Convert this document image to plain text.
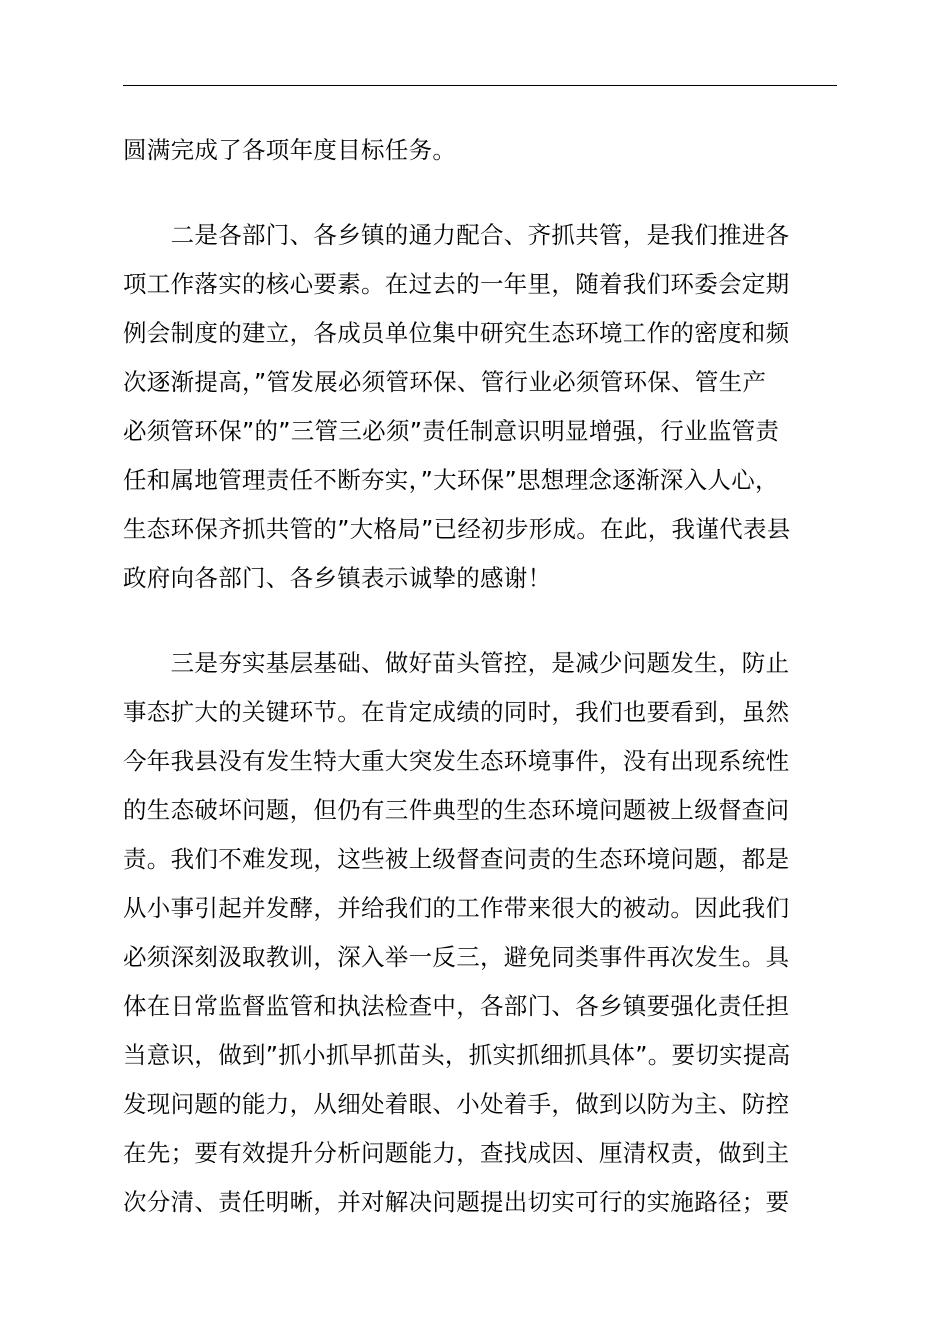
圆满完成了各项年度目标任务。
　　二是各部门、各乡镇的通力配合、齐抓共管，是我们推进各
项工作落实的核心要素。在过去的一年里，随着我们环委会定期
例会制度的建立，各成员单位集中研究生态环境工作的密度和频
次逐渐提高，”管发展必须管环保、管行业必须管环保、管生产
必须管环保”的”三管三必须”责任制意识明显增强，行业监管责
任和属地管理责任不断夯实，”大环保”思想理念逐渐深入人心，
生态环保齐抓共管的”大格局”已经初步形成。在此，我谨代表县
政府向各部门、各乡镇表示诚挚的感谢！
　　三是夯实基层基础、做好苗头管控，是减少问题发生，防止
事态扩大的关键环节。在肯定成绩的同时，我们也要看到，虽然
今年我县没有发生特大重大突发生态环境事件，没有出现系统性
的生态破坏问题，但仍有三件典型的生态环境问题被上级督查问
责。我们不难发现，这些被上级督查问责的生态环境问题，都是
从小事引起并发酵，并给我们的工作带来很大的被动。因此我们
必须深刻汲取教训，深入举一反三，避免同类事件再次发生。具
体在日常监督监管和执法检查中，各部门、各乡镇要强化责任担
当意识，做到”抓小抓早抓苗头，抓实抓细抓具体”。要切实提高
发现问题的能力，从细处着眼、小处着手，做到以防为主、防控
在先；要有效提升分析问题能力，查找成因、厘清权责，做到主
次分清、责任明晰，并对解决问题提出切实可行的实施路径；要
